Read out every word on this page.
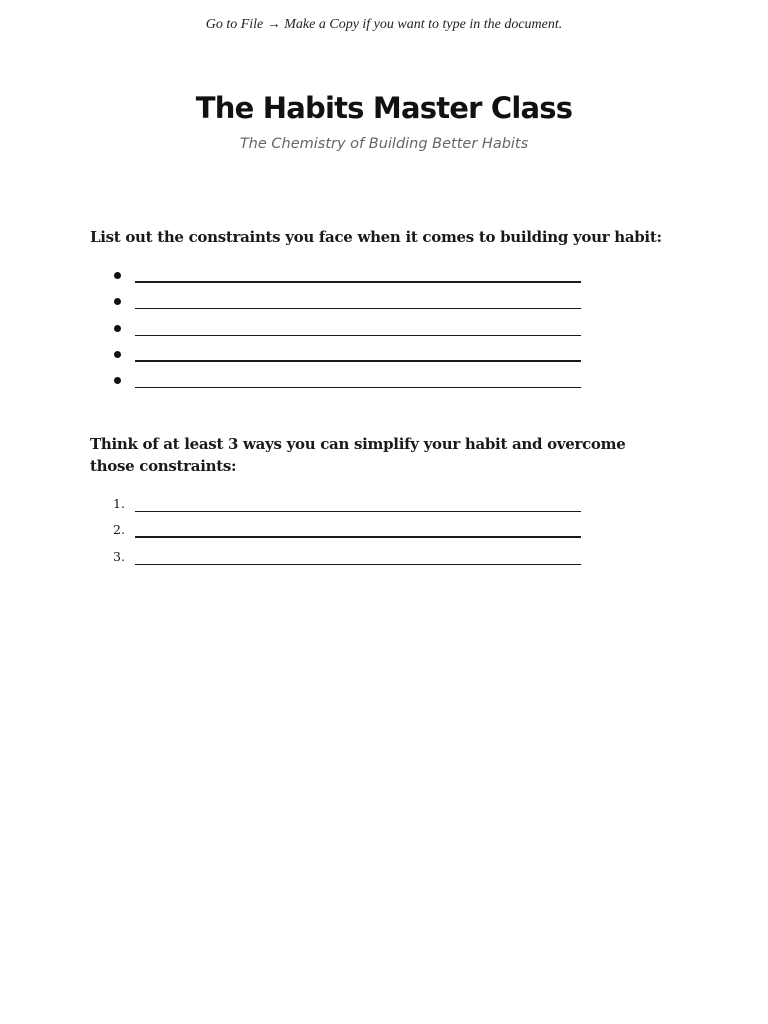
Go to File → Make a Copy if you want to type in the document.
The Habits Master Class
The Chemistry of Building Better Habits
List out the constraints you face when it comes to building your habit:
Think of at least 3 ways you can simplify your habit and overcome those constraints:
1.
2.
3.
